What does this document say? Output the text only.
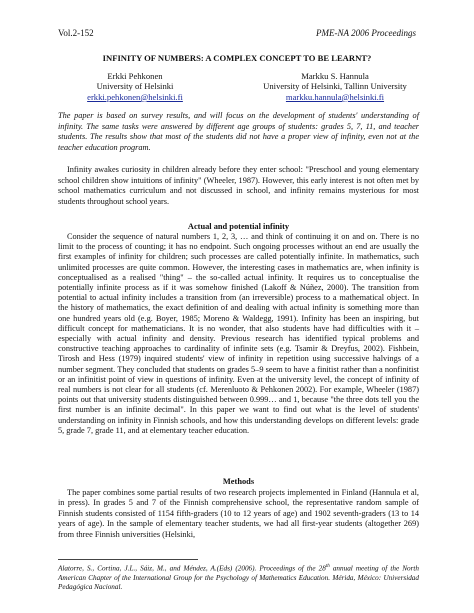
Vol.2-152	PME-NA 2006 Proceedings
INFINITY OF NUMBERS: A COMPLEX CONCEPT TO BE LEARNT?
Erkki Pehkonen
University of Helsinki
erkki.pehkonen@helsinki.fi
Markku S. Hannula
University of Helsinki, Tallinn University
markku.hannula@helsinki.fi
The paper is based on survey results, and will focus on the development of students' understanding of infinity. The same tasks were answered by different age groups of students: grades 5, 7, 11, and teacher students. The results show that most of the students did not have a proper view of infinity, even not at the teacher education program.

Infinity awakes curiosity in children already before they enter school: "Preschool and young elementary school children show intuitions of infinity" (Wheeler, 1987). However, this early interest is not often met by school mathematics curriculum and not discussed in school, and infinity remains mysterious for most students throughout school years.

Actual and potential infinity

Consider the sequence of natural numbers 1, 2, 3, … and think of continuing it on and on. There is no limit to the process of counting; it has no endpoint. Such ongoing processes without an end are usually the first examples of infinity for children; such processes are called potentially infinite. In mathematics, such unlimited processes are quite common. However, the interesting cases in mathematics are, when infinity is conceptualised as a realised "thing" – the so-called actual infinity. It requires us to conceptualise the potentially infinite process as if it was somehow finished (Lakoff & Núñez, 2000). The transition from potential to actual infinity includes a transition from (an irreversible) process to a mathematical object. In the history of mathematics, the exact definition of and dealing with actual infinity is something more than one hundred years old (e.g. Boyer, 1985; Moreno & Waldegg, 1991). Infinity has been an inspiring, but difficult concept for mathematicians. It is no wonder, that also students have had difficulties with it – especially with actual infinity and density. Previous research has identified typical problems and constructive teaching approaches to cardinality of infinite sets (e.g. Tsamir & Dreyfus, 2002). Fishbein, Tirosh and Hess (1979) inquired students' view of infinity in repetition using successive halvings of a number segment. They concluded that students on grades 5–9 seem to have a finitist rather than a nonfinitist or an infinitist point of view in questions of infinity. Even at the university level, the concept of infinity of real numbers is not clear for all students (cf. Merenluoto & Pehkonen 2002). For example, Wheeler (1987) points out that university students distinguished between 0.999… and 1, because "the three dots tell you the first number is an infinite decimal". In this paper we want to find out what is the level of students' understanding on infinity in Finnish schools, and how this understanding develops on different levels: grade 5, grade 7, grade 11, and at elementary teacher education.

Methods

The paper combines some partial results of two research projects implemented in Finland (Hannula et al, in press). In grades 5 and 7 of the Finnish comprehensive school, the representative random sample of Finnish students consisted of 1154 fifth-graders (10 to 12 years of age) and 1902 seventh-graders (13 to 14 years of age). In the sample of elementary teacher students, we had all first-year students (altogether 269) from three Finnish universities (Helsinki,

Alatorre, S., Cortina, J.L., Sáiz, M., and Méndez, A.(Eds) (2006). Proceedings of the 28th annual meeting of the North American Chapter of the International Group for the Psychology of Mathematics Education. Mérida, México: Universidad Pedagógica Nacional.
